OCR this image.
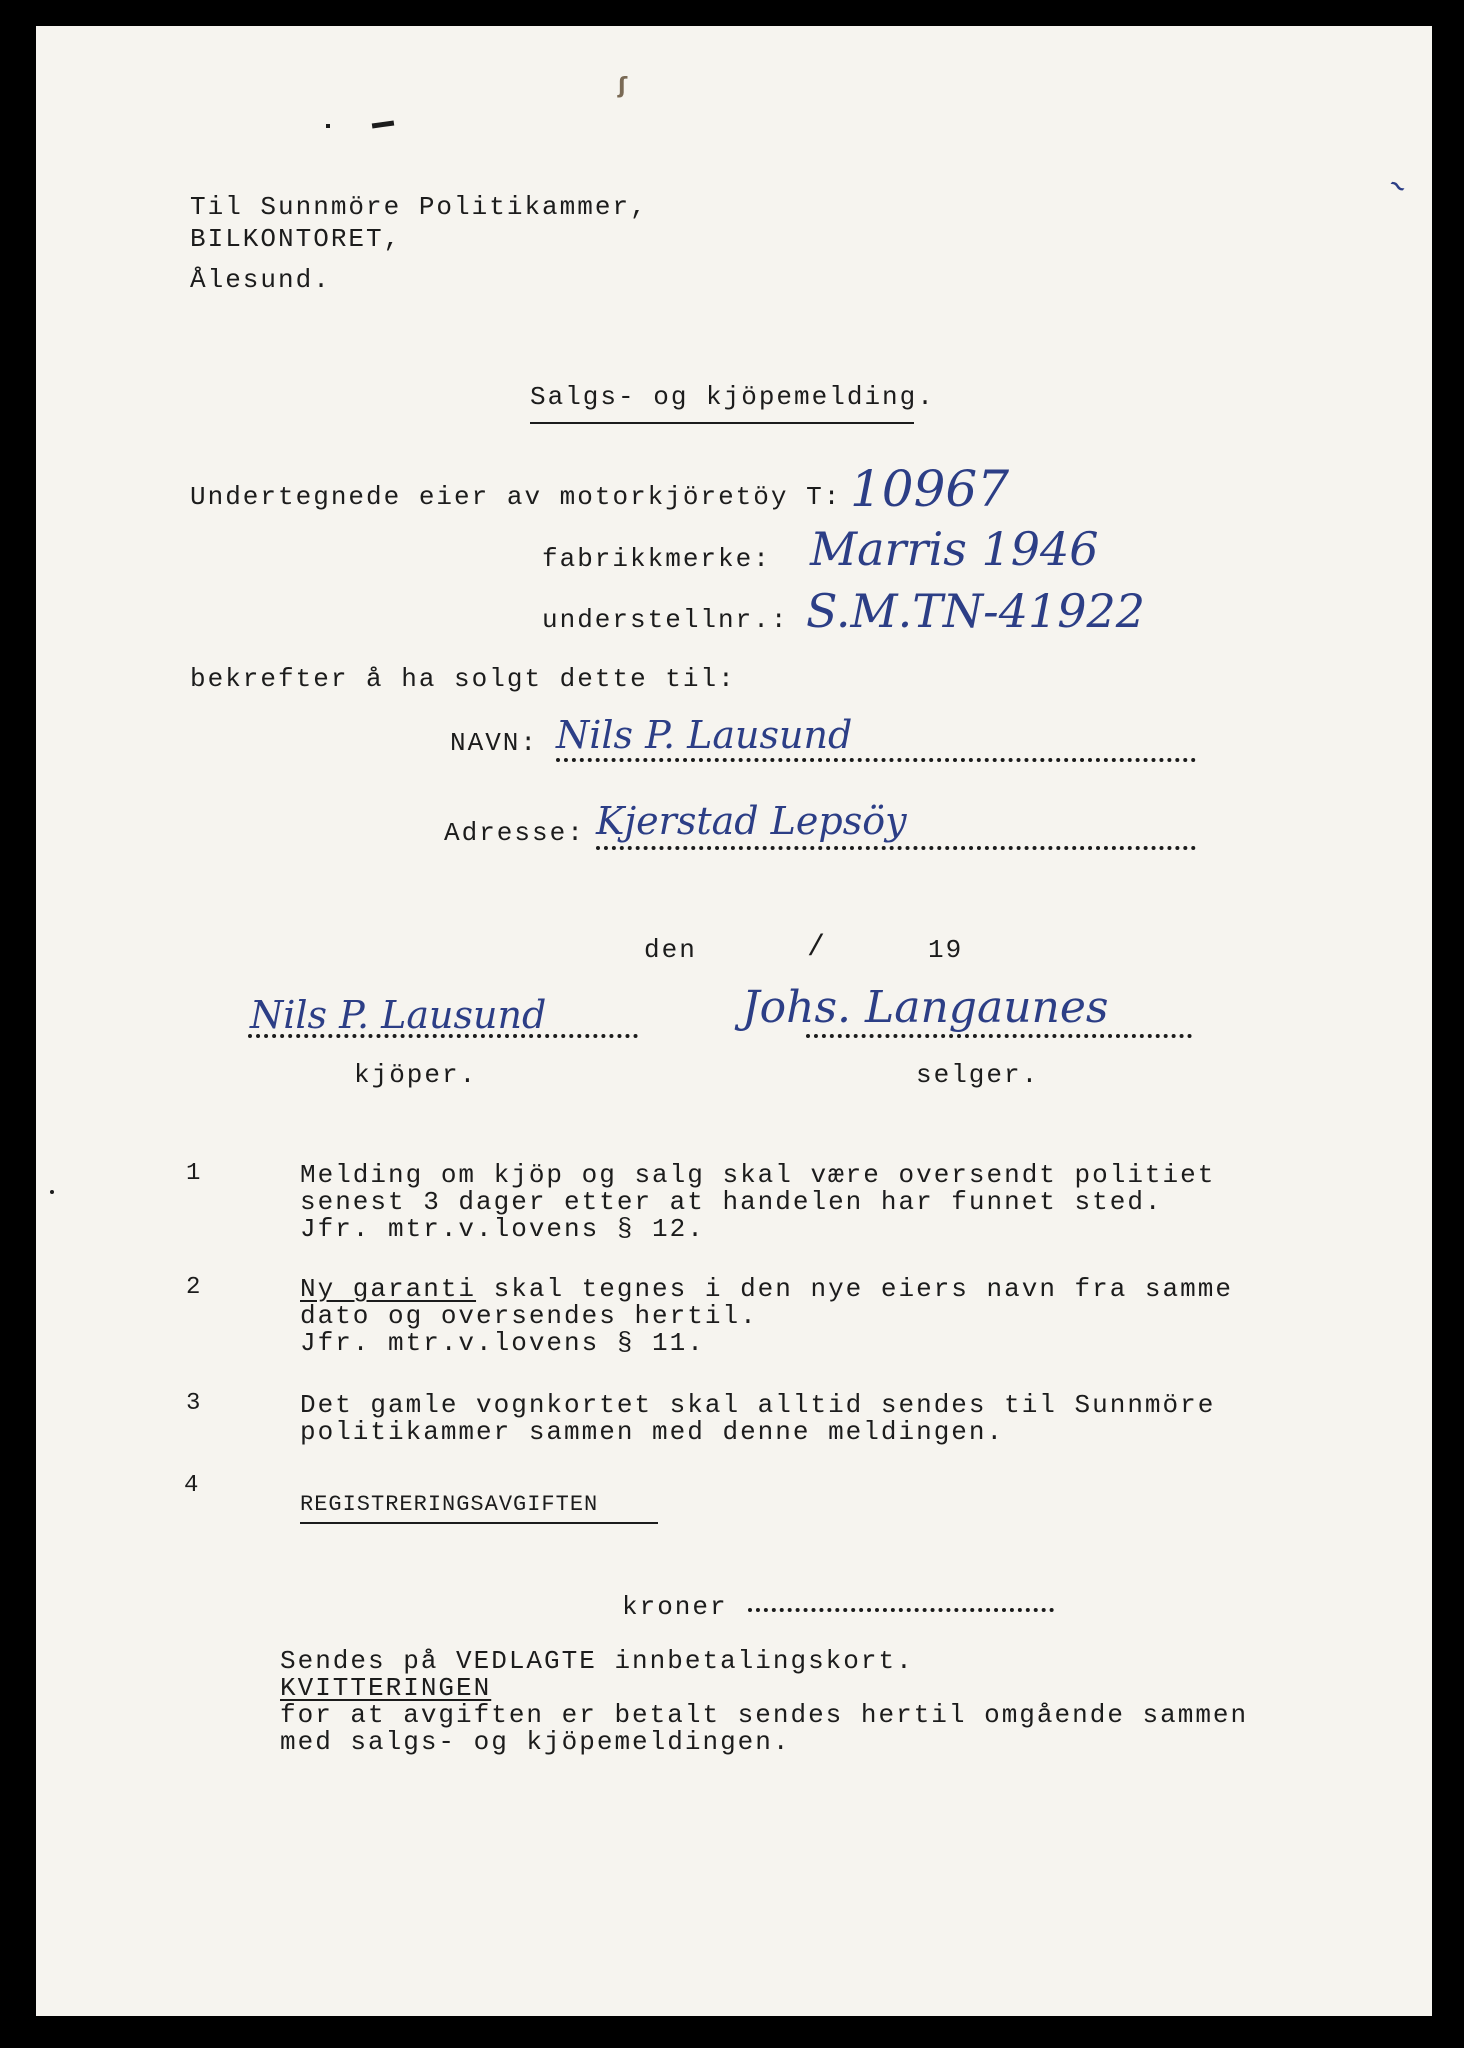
~
ʃ
Til Sunnmöre Politikammer,
BILKONTORET,
Ålesund.
Salgs- og kjöpemelding.
Undertegnede eier av motorkjöretöy T: 10967
fabrikkmerke: Marris 1946
understellnr.: S.M.TN-41922
bekrefter å ha solgt dette til:
NAVN: Nils P. Lausund
Adresse: Kjerstad Lepsöy
den	/	19
Nils P. Lausund
kjöper.
Johs. Langaunes
selger.
1	Melding om kjöp og salg skal være oversendt politiet
senest 3 dager etter at handelen har funnet sted.
Jfr. mtr.v.lovens § 12.
2	Ny garanti skal tegnes i den nye eiers navn fra samme
dato og oversendes hertil.
Jfr. mtr.v.lovens § 11.
3	Det gamle vognkortet skal alltid sendes til Sunnmöre
politikammer sammen med denne meldingen.
4
REGISTRERINGSAVGIFTEN
kroner
Sendes på VEDLAGTE innbetalingskort.
KVITTERINGEN
for at avgiften er betalt sendes hertil omgående sammen
med salgs- og kjöpemeldingen.
